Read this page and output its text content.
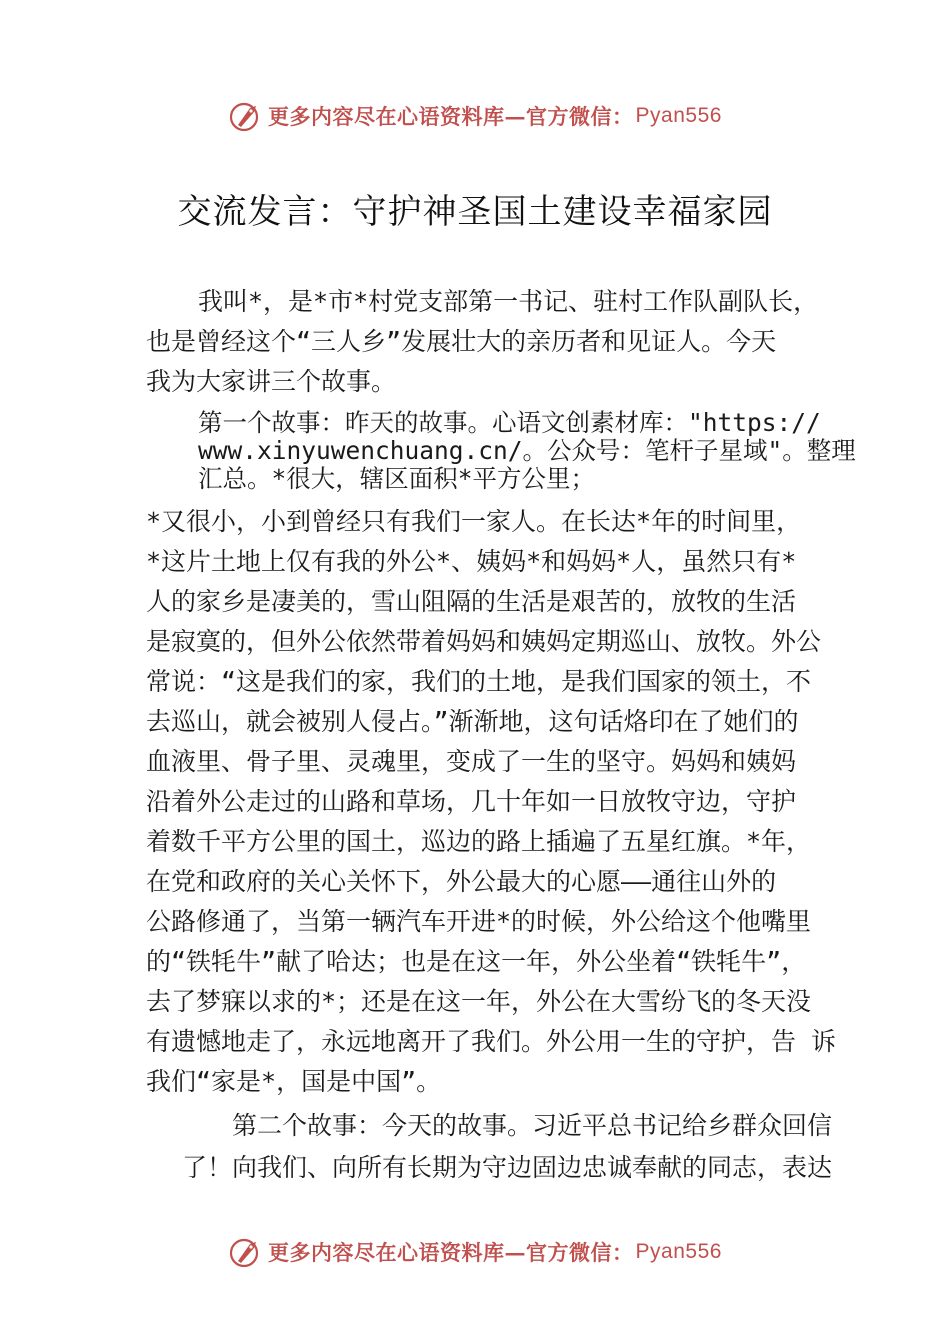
更多内容尽在心语资料库—官方微信： Pyan556
交流发言：守护神圣国土建设幸福家园
我叫*，是*市*村党支部第一书记、驻村工作队副队长，
也是曾经这个“三人乡”发展壮大的亲历者和见证人。今天
我为大家讲三个故事。
第一个故事：昨天的故事。心语文创素材库："https://
www.xinyuwenchuang.cn/。公众号：笔杆子星域"。整理
汇总。*很大，辖区面积*平方公里；
*又很小，小到曾经只有我们一家人。在长达*年的时间里，
*这片土地上仅有我的外公*、姨妈*和妈妈*人，虽然只有*
人的家乡是凄美的，雪山阻隔的生活是艰苦的，放牧的生活
是寂寞的，但外公依然带着妈妈和姨妈定期巡山、放牧。外公
常说：“这是我们的家，我们的土地，是我们国家的领土，不
去巡山，就会被别人侵占。”渐渐地，这句话烙印在了她们的
血液里、骨子里、灵魂里，变成了一生的坚守。妈妈和姨妈
沿着外公走过的山路和草场，几十年如一日放牧守边，守护
着数千平方公里的国土，巡边的路上插遍了五星红旗。*年，
在党和政府的关心关怀下，外公最大的心愿——通往山外的
公路修通了，当第一辆汽车开进*的时候，外公给这个他嘴里
的“铁牦牛”献了哈达；也是在这一年，外公坐着“铁牦牛”，
去了梦寐以求的*；还是在这一年，外公在大雪纷飞的冬天没
有遗憾地走了，永远地离开了我们。外公用一生的守护，告 诉
我们“家是*，国是中国”。
第二个故事：今天的故事。习近平总书记给乡群众回信
了！向我们、向所有长期为守边固边忠诚奉献的同志，表达
更多内容尽在心语资料库—官方微信： Pyan556
